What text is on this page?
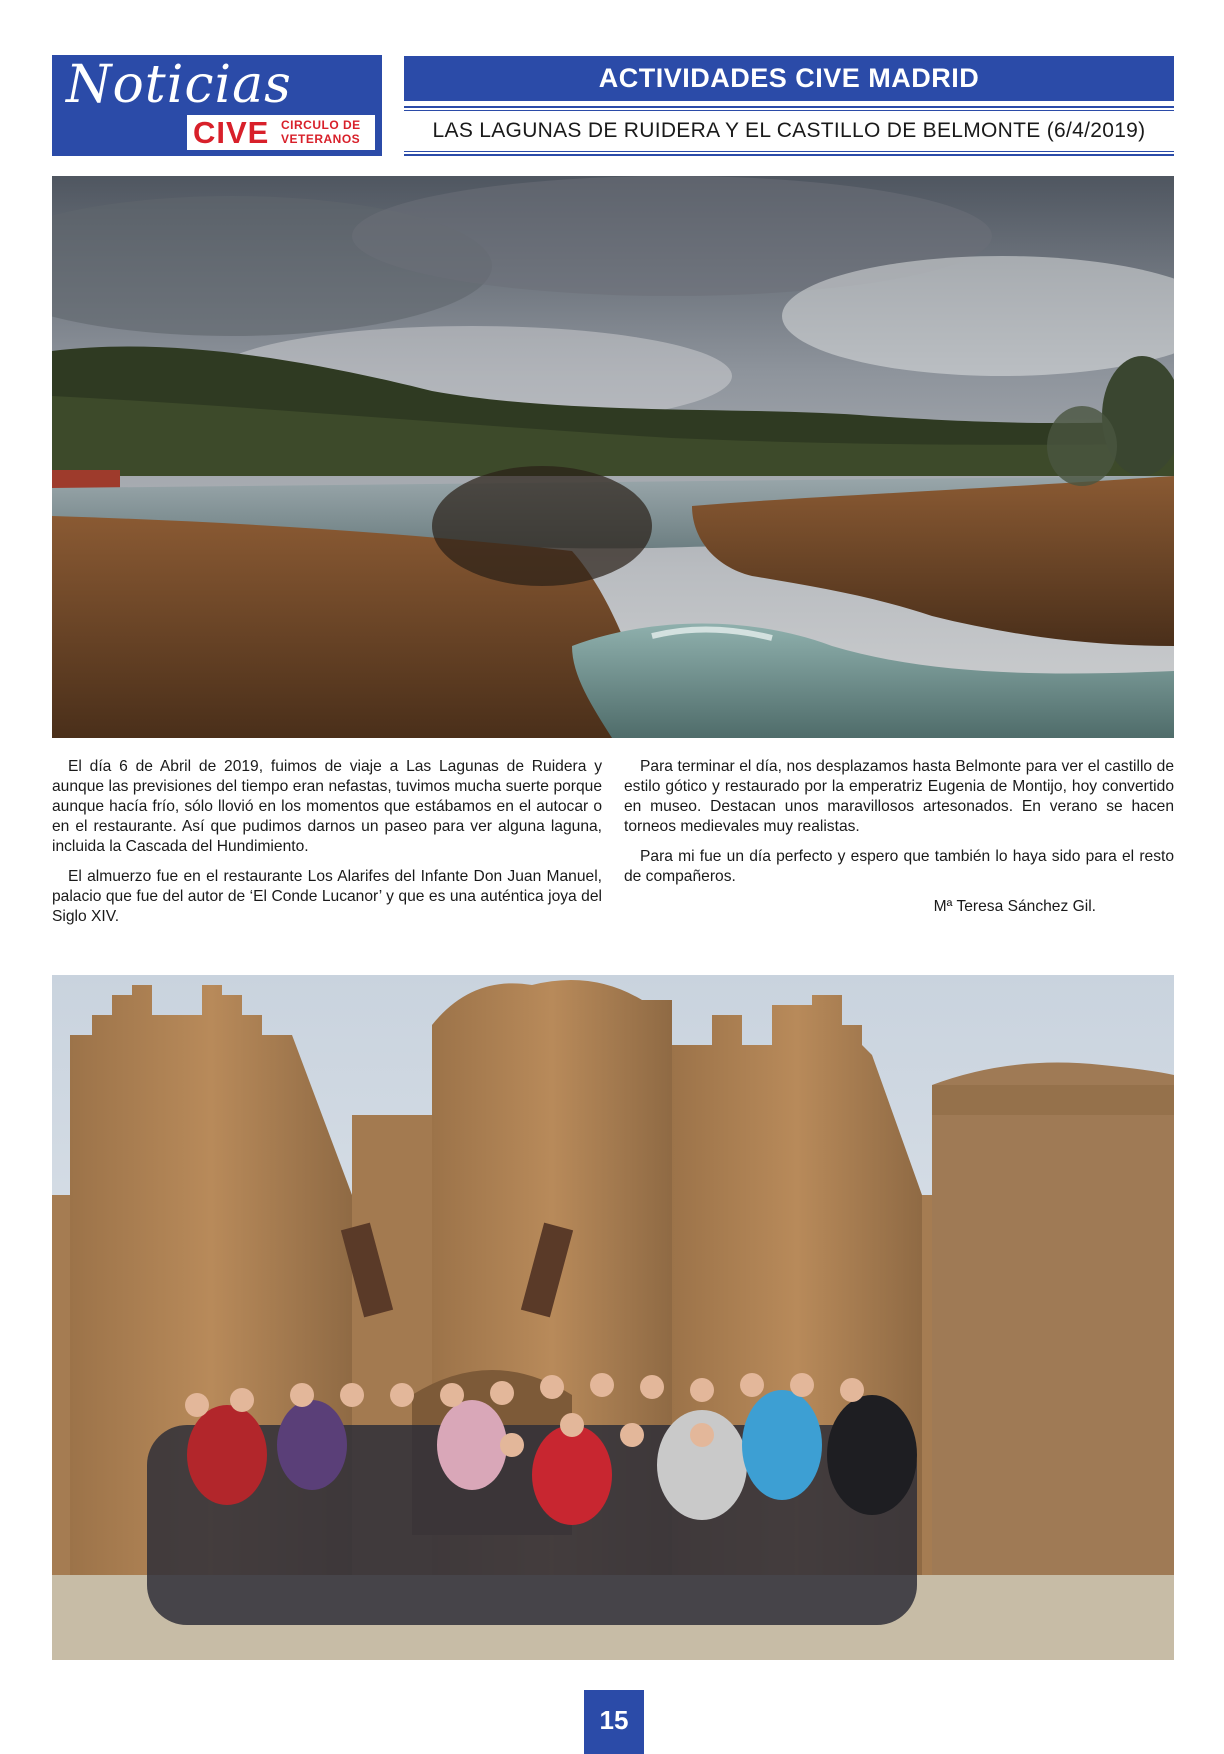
Noticias
CIVE CIRCULO DE
VETERANOS
ACTIVIDADES CIVE MADRID
LAS LAGUNAS DE RUIDERA Y EL CASTILLO DE BELMONTE (6/4/2019)

El día 6 de Abril de 2019, fuimos de viaje a Las Lagunas de Ruidera y aunque las previsiones del tiempo eran nefastas, tuvimos mucha suerte porque aunque hacía frío, sólo llovió en los momentos que estábamos en el autocar o en el restaurante. Así que pudimos darnos un paseo para ver alguna laguna, incluida la Cascada del Hundimiento.

El almuerzo fue en el restaurante Los Alarifes del Infante Don Juan Manuel, palacio que fue del autor de ‘El Conde Lucanor’ y que es una auténtica joya del Siglo XIV.

Para terminar el día, nos desplazamos hasta Belmonte para ver el castillo de estilo gótico y restaurado por la emperatriz Eugenia de Montijo, hoy convertido en museo. Destacan unos maravillosos artesonados. En verano se hacen torneos medievales muy realistas.

Para mi fue un día perfecto y espero que también lo haya sido para el resto de compañeros.

Mª Teresa Sánchez Gil.

15
